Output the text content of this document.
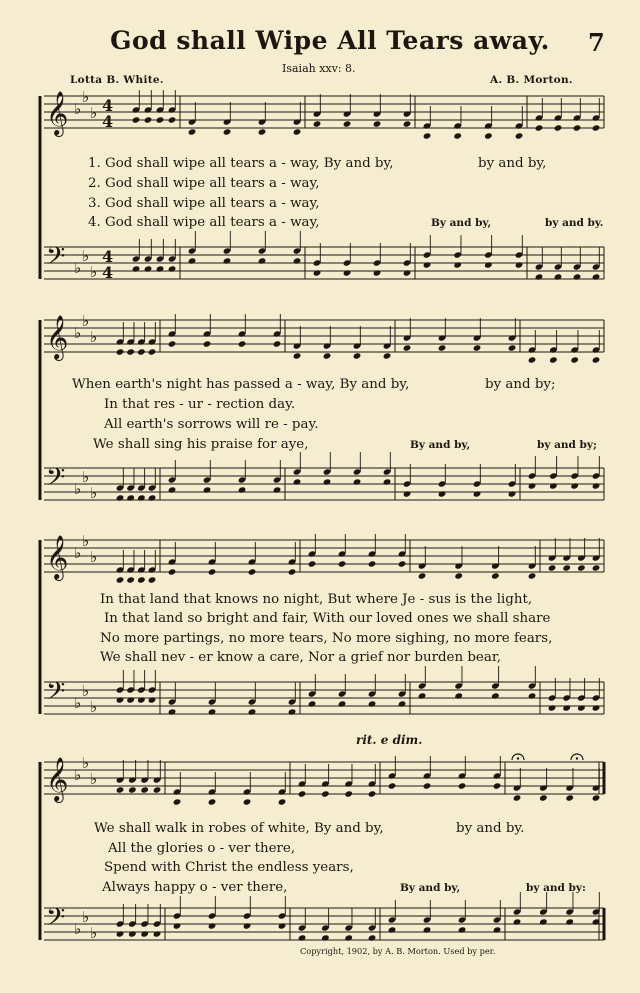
God shall Wipe All Tears away.	7
Isaiah xxv: 8.
Lotta B. White.	A. B. Morton.
𝄞 ♭
♭
♭ 4
4
𝄢 ♭
♭
♭
4
4
𝄞 ♭
♭
♭
𝄢 ♭
♭
♭
𝄞 ♭
♭
♭
𝄢 ♭
♭
♭
𝄞 ♭
♭
♭
𝄢 ♭
♭
♭
1. God shall wipe all tears a - way, By and by,	by and by,
2. God shall wipe all tears a - way,
3. God shall wipe all tears a - way,
4. God shall wipe all tears a - way,	By and by,	by and by.
When earth's night has passed a - way, By and by,	by and by;
In that res - ur - rection day.
All earth's sorrows will re - pay.
We shall sing his praise for aye,	By and by,	by and by;
In that land that knows no night, But where Je - sus is the light,
In that land so bright and fair, With our loved ones we shall share
No more partings, no more tears, No more sighing, no more fears,
We shall nev - er know a care, Nor a grief nor burden bear,
rit. e dim.
We shall walk in robes of white, By and by,	by and by.
All the glories o - ver there,
Spend with Christ the endless years,
Always happy o - ver there,	By and by,	by and by:
Copyright, 1902, by A. B. Morton. Used by per.
